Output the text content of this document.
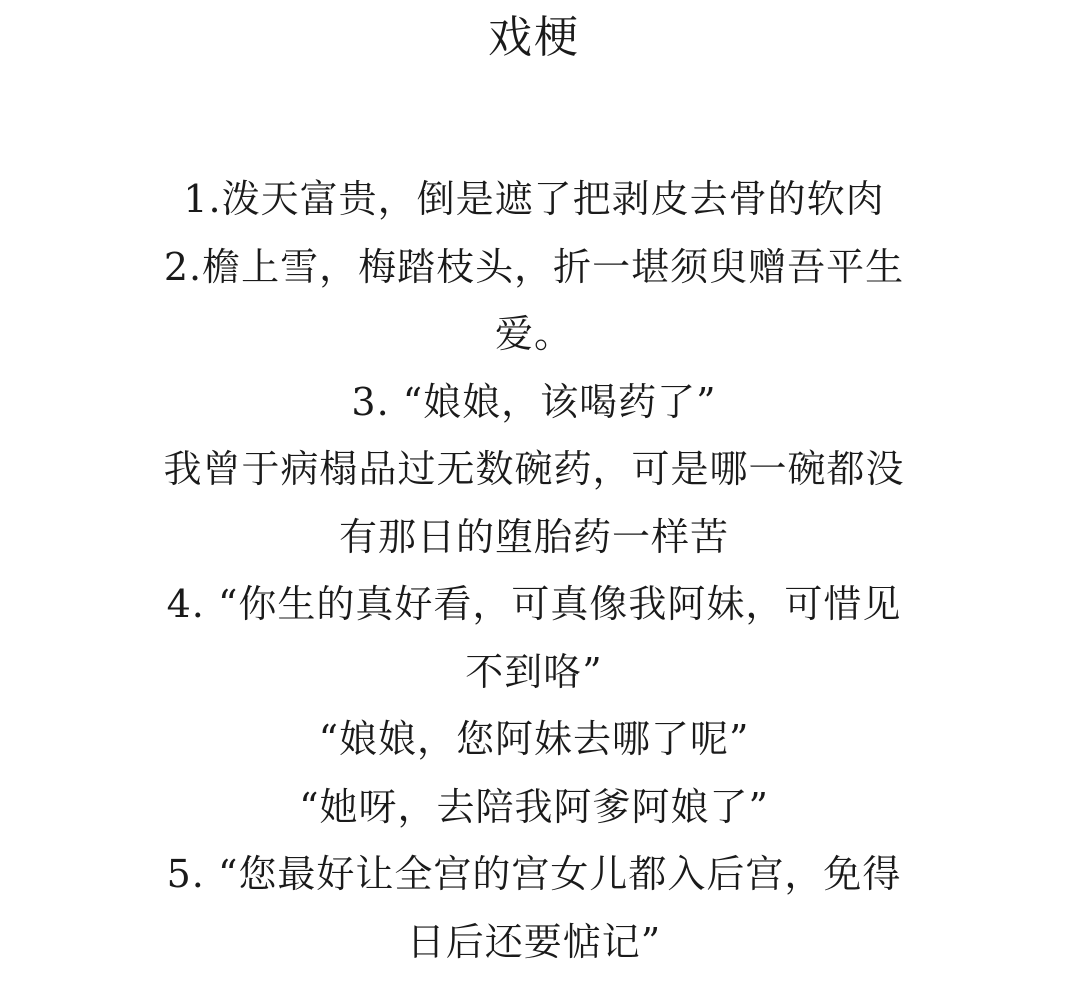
戏梗
1.泼天富贵，倒是遮了把剥皮去骨的软肉
2.檐上雪，梅踏枝头，折一堪须臾赠吾平生
爱。
3. “娘娘，该喝药了”
我曾于病榻品过无数碗药，可是哪一碗都没
有那日的堕胎药一样苦
4. “你生的真好看，可真像我阿妹，可惜见
不到咯”
“娘娘，您阿妹去哪了呢”
“她呀，去陪我阿爹阿娘了”
5. “您最好让全宫的宫女儿都入后宫，免得
日后还要惦记”
